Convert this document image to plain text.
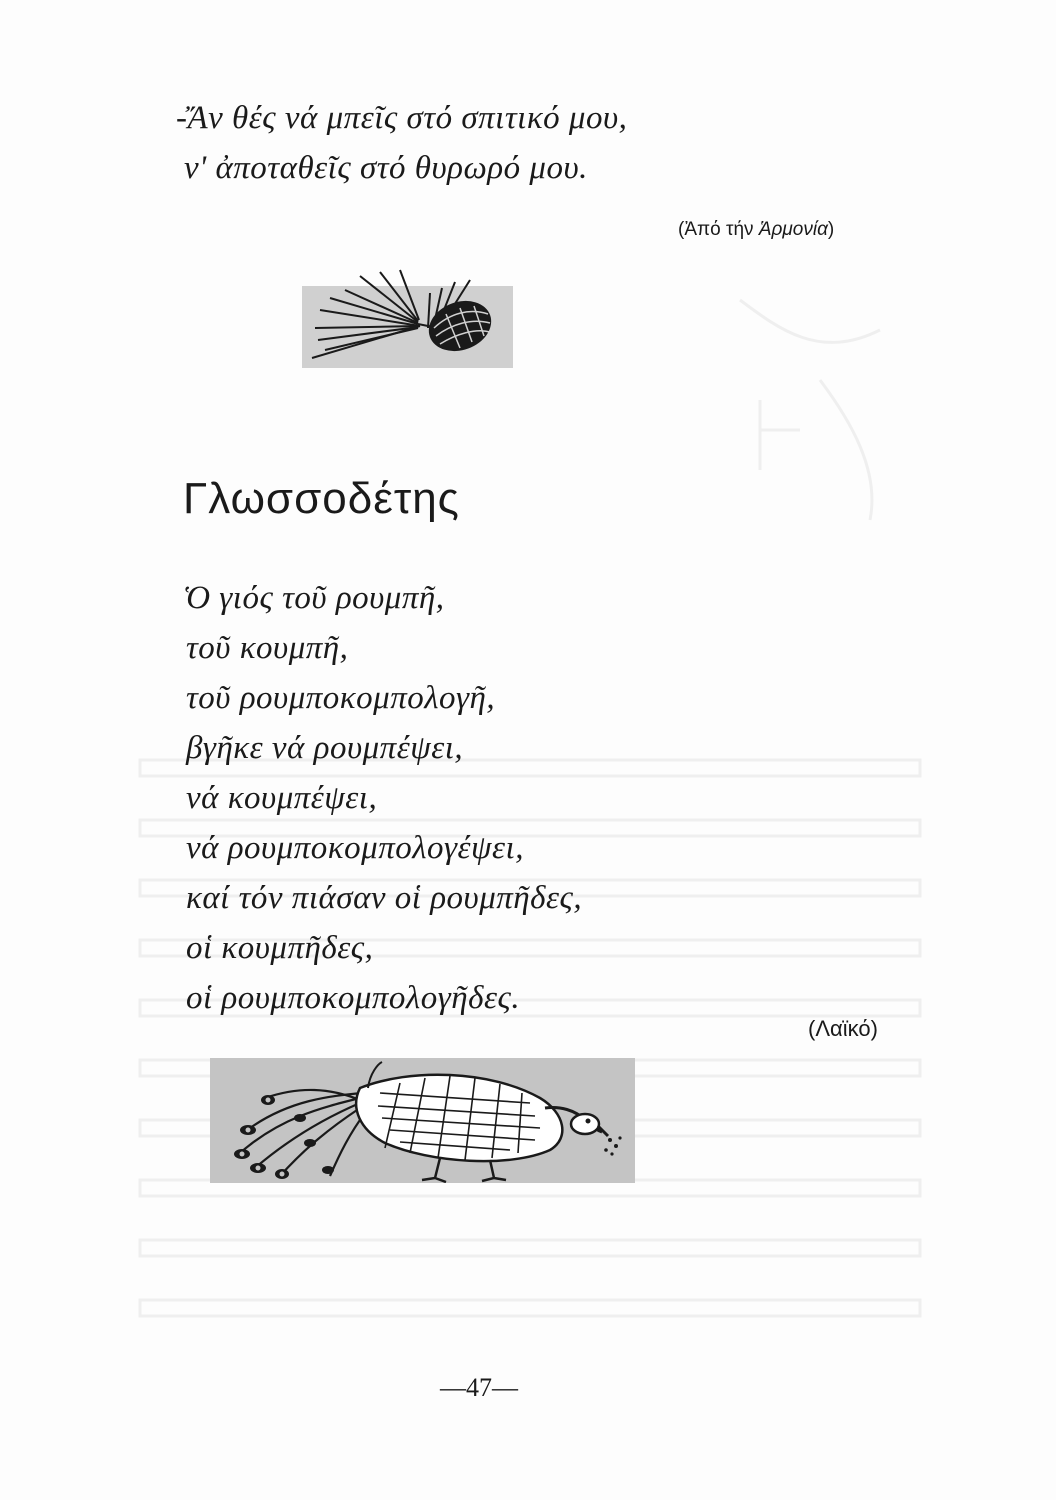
-Ἄν θές νά μπεῖς στό σπιτικό μου,
ν' ἀποταθεῖς στό θυρωρό μου.
(Ἀπό τήν Ἁρμονία)
Γλωσσοδέτης
Ὁ γιός τοῦ ρουμπῆ,
τοῦ κουμπῆ,
τοῦ ρουμποκομπολογῆ,
βγῆκε νά ρουμπέψει,
νά κουμπέψει,
νά ρουμποκομπολογέψει,
καί τόν πιάσαν οἱ ρουμπῆδες,
οἱ κουμπῆδες,
οἱ ρουμποκομπολογῆδες.
(Λαϊκό)
—47—
